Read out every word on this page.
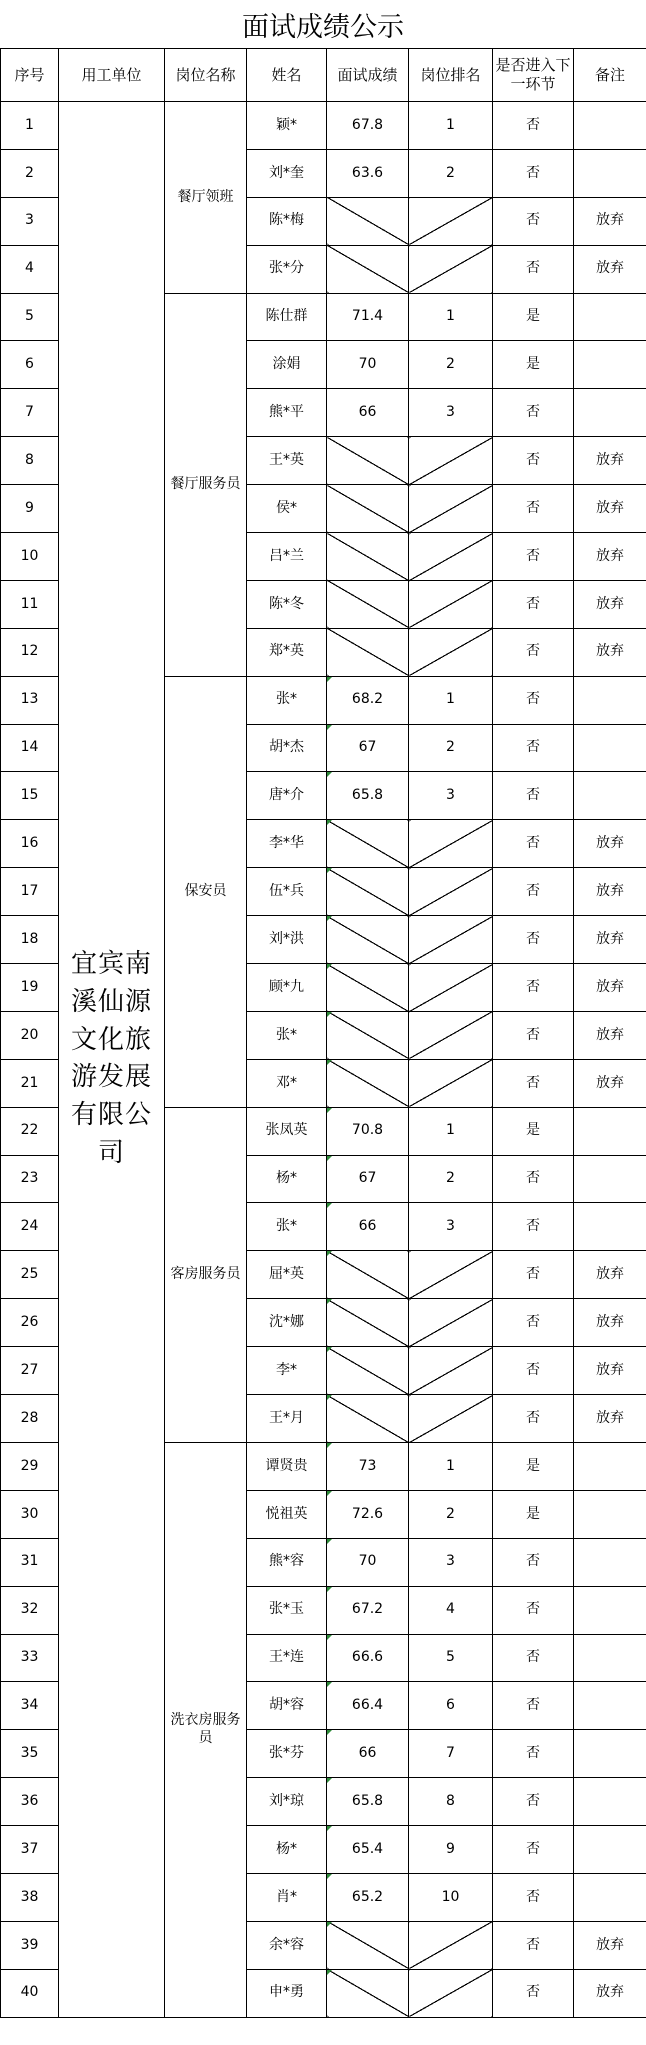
面试成绩公示
序号	用工单位	岗位名称	姓名	面试成绩	岗位排名	是否进入下一环节	备注
1	宜宾南溪仙源文化旅游发展有限公司	餐厅领班	颖*	67.8	1	否	
2			刘*奎	63.6	2	否	
3			陈*梅			否	放弃
4			张*分			否	放弃
5		餐厅服务员	陈仕群	71.4	1	是	
6			涂娟	70	2	是	
7			熊*平	66	3	否	
8			王*英			否	放弃
9			侯*			否	放弃
10			吕*兰			否	放弃
11			陈*冬			否	放弃
12			郑*英			否	放弃
13		保安员	张*	68.2	1	否	
14			胡*杰	67	2	否	
15			唐*介	65.8	3	否	
16			李*华			否	放弃
17			伍*兵			否	放弃
18			刘*洪			否	放弃
19			顾*九			否	放弃
20			张*			否	放弃
21			邓*			否	放弃
22		客房服务员	张凤英	70.8	1	是	
23			杨*	67	2	否	
24			张*	66	3	否	
25			屈*英			否	放弃
26			沈*娜			否	放弃
27			李*			否	放弃
28			王*月			否	放弃
29		洗衣房服务员	谭贤贵	73	1	是	
30			悦祖英	72.6	2	是	
31			熊*容	70	3	否	
32			张*玉	67.2	4	否	
33			王*连	66.6	5	否	
34			胡*容	66.4	6	否	
35			张*芬	66	7	否	
36			刘*琼	65.8	8	否	
37			杨*	65.4	9	否	
38			肖*	65.2	10	否	
39			余*容			否	放弃
40			申*勇			否	放弃
